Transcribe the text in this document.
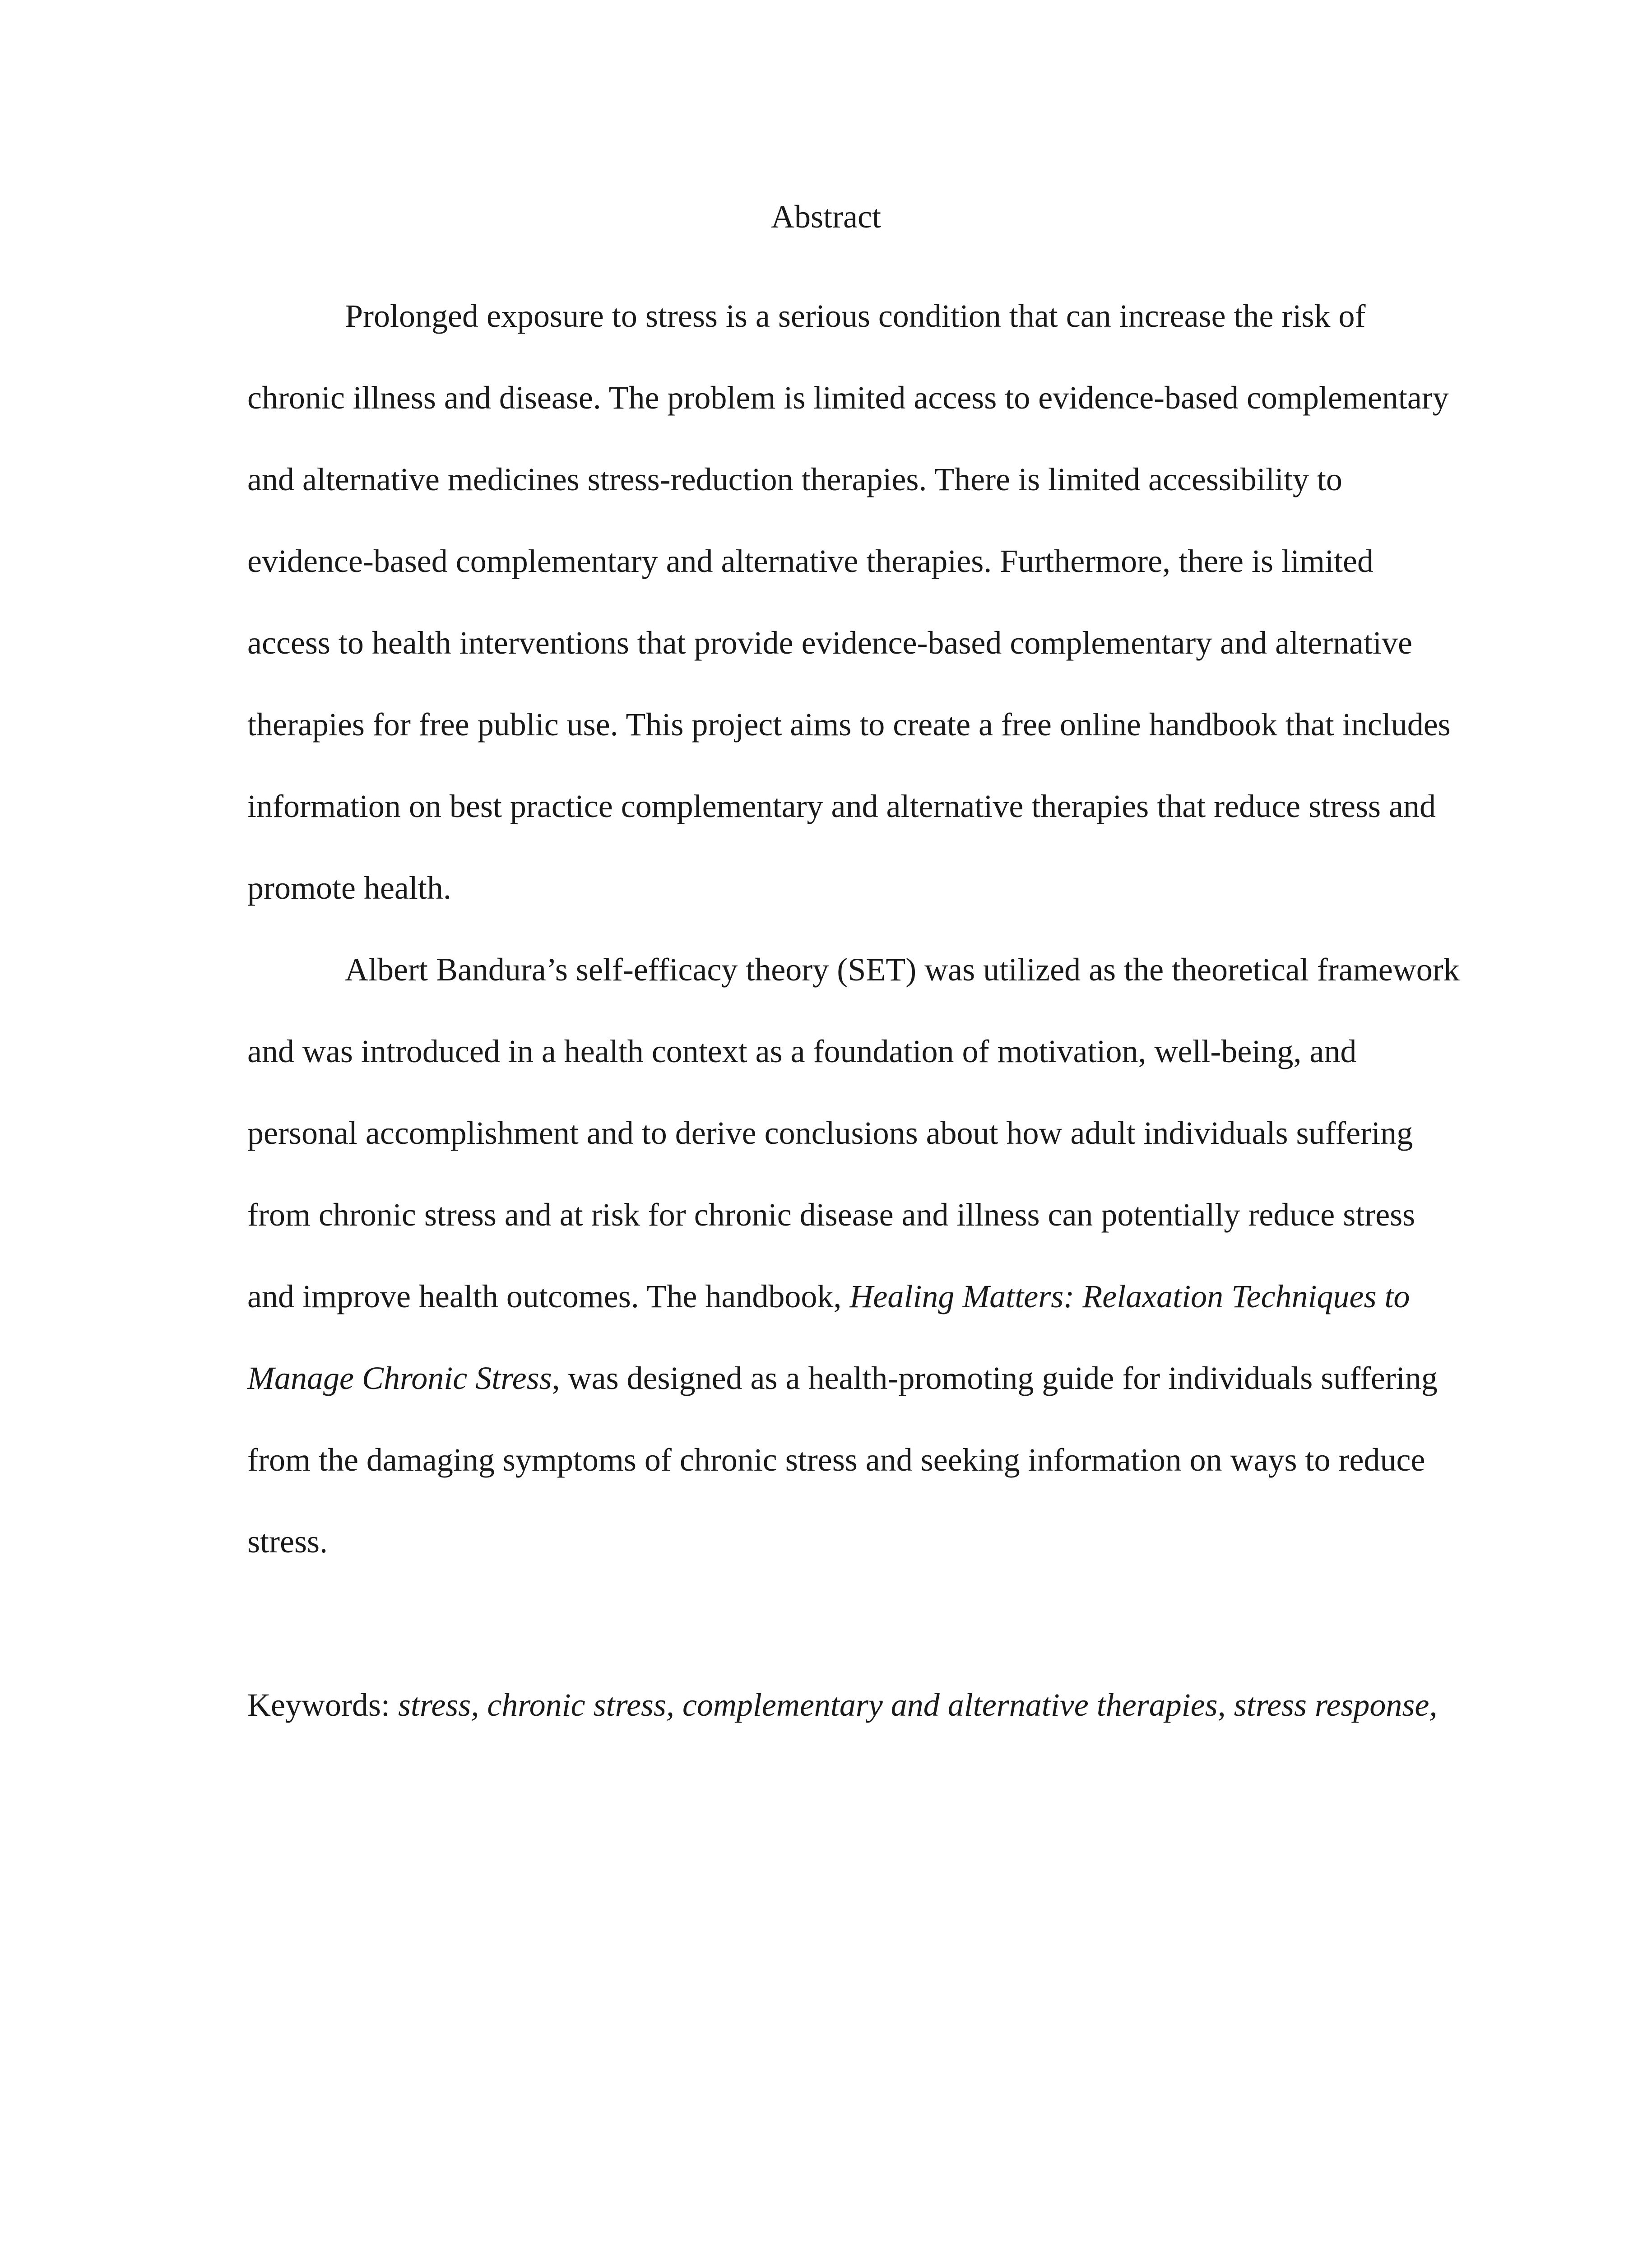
Abstract
Prolonged exposure to stress is a serious condition that can increase the risk of
chronic illness and disease. The problem is limited access to evidence-based complementary
and alternative medicines stress-reduction therapies. There is limited accessibility to
evidence-based complementary and alternative therapies. Furthermore, there is limited
access to health interventions that provide evidence-based complementary and alternative
therapies for free public use. This project aims to create a free online handbook that includes
information on best practice complementary and alternative therapies that reduce stress and
promote health.
Albert Bandura’s self-efficacy theory (SET) was utilized as the theoretical framework
and was introduced in a health context as a foundation of motivation, well-being, and
personal accomplishment and to derive conclusions about how adult individuals suffering
from chronic stress and at risk for chronic disease and illness can potentially reduce stress
and improve health outcomes. The handbook, Healing Matters: Relaxation Techniques to
Manage Chronic Stress, was designed as a health-promoting guide for individuals suffering
from the damaging symptoms of chronic stress and seeking information on ways to reduce
stress.
Keywords: stress, chronic stress, complementary and alternative therapies, stress response,
